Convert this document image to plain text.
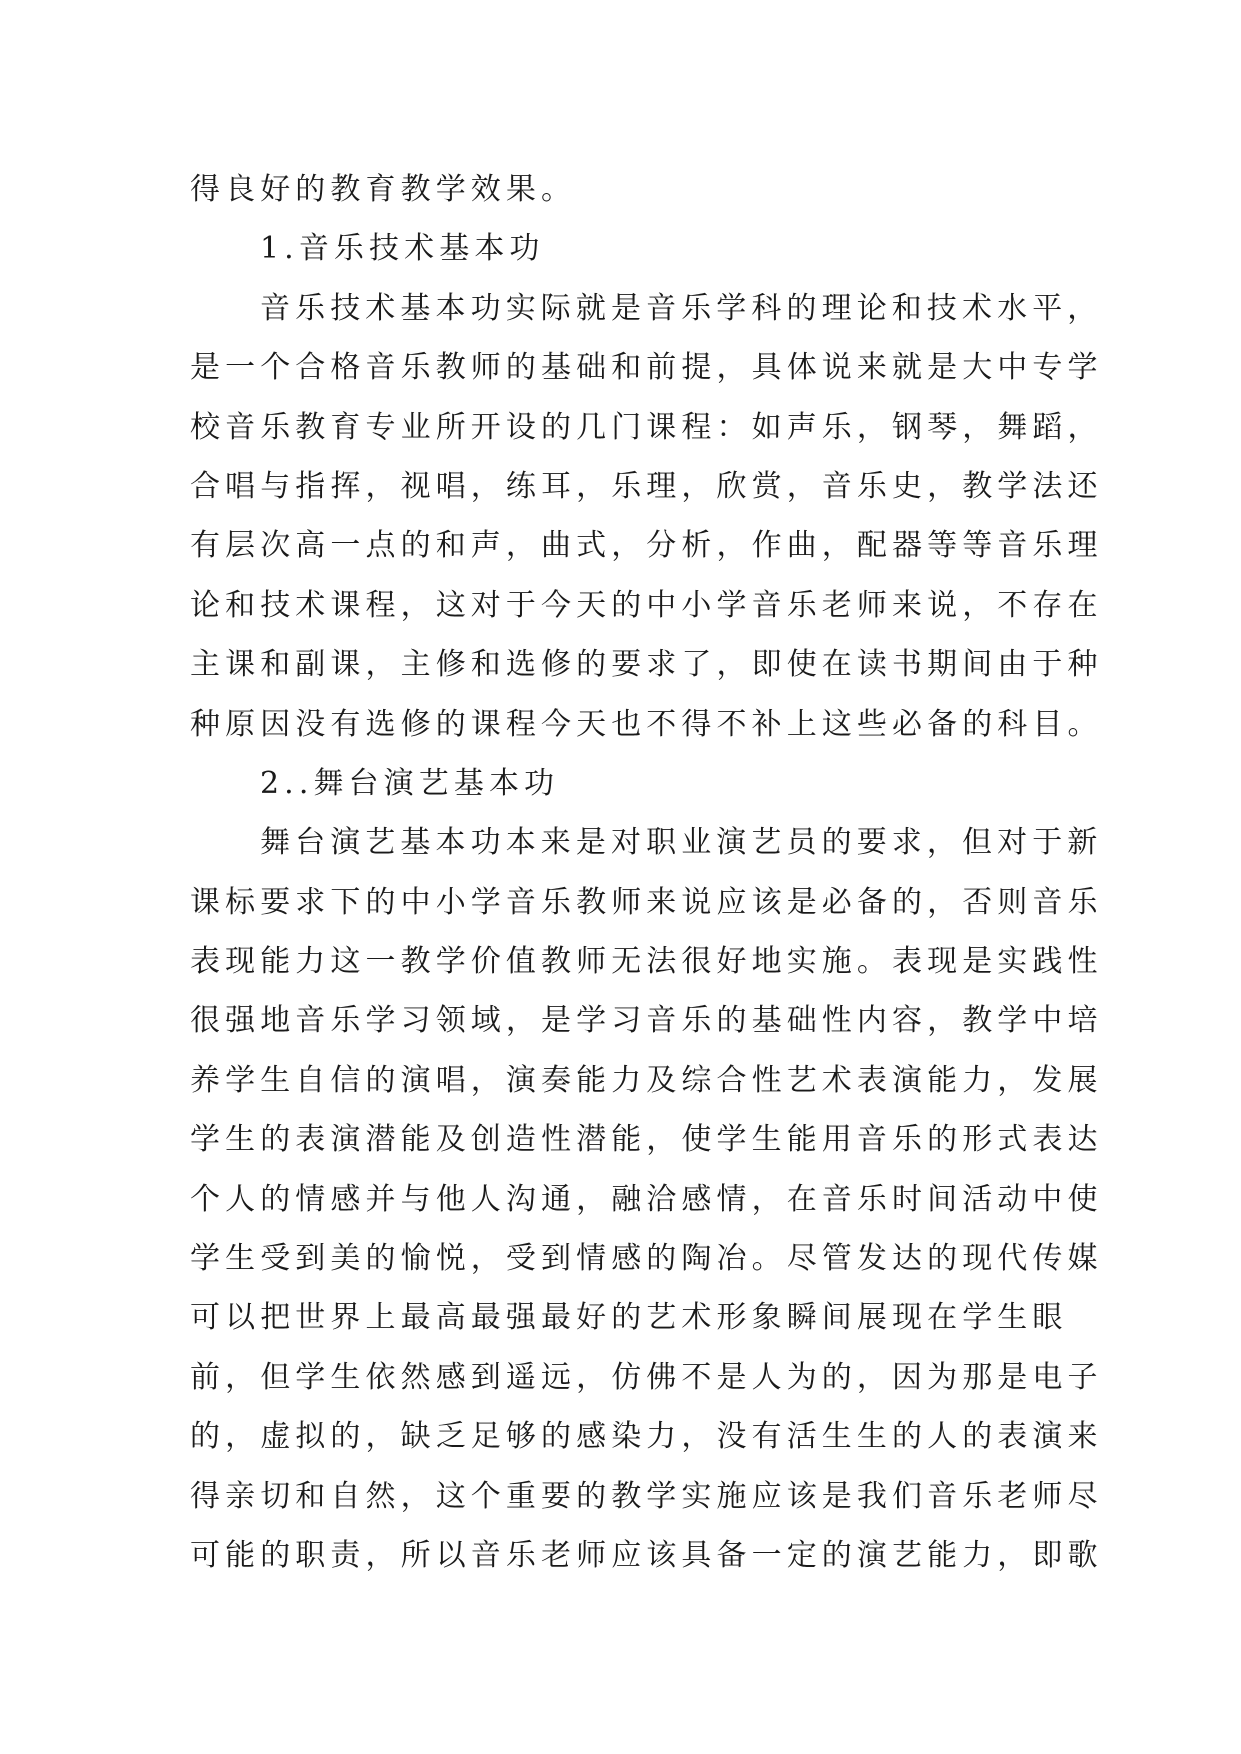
得良好的教育教学效果。
1.音乐技术基本功
音乐技术基本功实际就是音乐学科的理论和技术水平，
是一个合格音乐教师的基础和前提，具体说来就是大中专学
校音乐教育专业所开设的几门课程：如声乐，钢琴，舞蹈，
合唱与指挥，视唱，练耳，乐理，欣赏，音乐史，教学法还
有层次高一点的和声，曲式，分析，作曲，配器等等音乐理
论和技术课程，这对于今天的中小学音乐老师来说，不存在
主课和副课，主修和选修的要求了，即使在读书期间由于种
种原因没有选修的课程今天也不得不补上这些必备的科目。
2..舞台演艺基本功
舞台演艺基本功本来是对职业演艺员的要求，但对于新
课标要求下的中小学音乐教师来说应该是必备的，否则音乐
表现能力这一教学价值教师无法很好地实施。表现是实践性
很强地音乐学习领域，是学习音乐的基础性内容，教学中培
养学生自信的演唱，演奏能力及综合性艺术表演能力，发展
学生的表演潜能及创造性潜能，使学生能用音乐的形式表达
个人的情感并与他人沟通，融洽感情，在音乐时间活动中使
学生受到美的愉悦，受到情感的陶冶。尽管发达的现代传媒
可以把世界上最高最强最好的艺术形象瞬间展现在学生眼
前，但学生依然感到遥远，仿佛不是人为的，因为那是电子
的，虚拟的，缺乏足够的感染力，没有活生生的人的表演来
得亲切和自然，这个重要的教学实施应该是我们音乐老师尽
可能的职责，所以音乐老师应该具备一定的演艺能力，即歌
